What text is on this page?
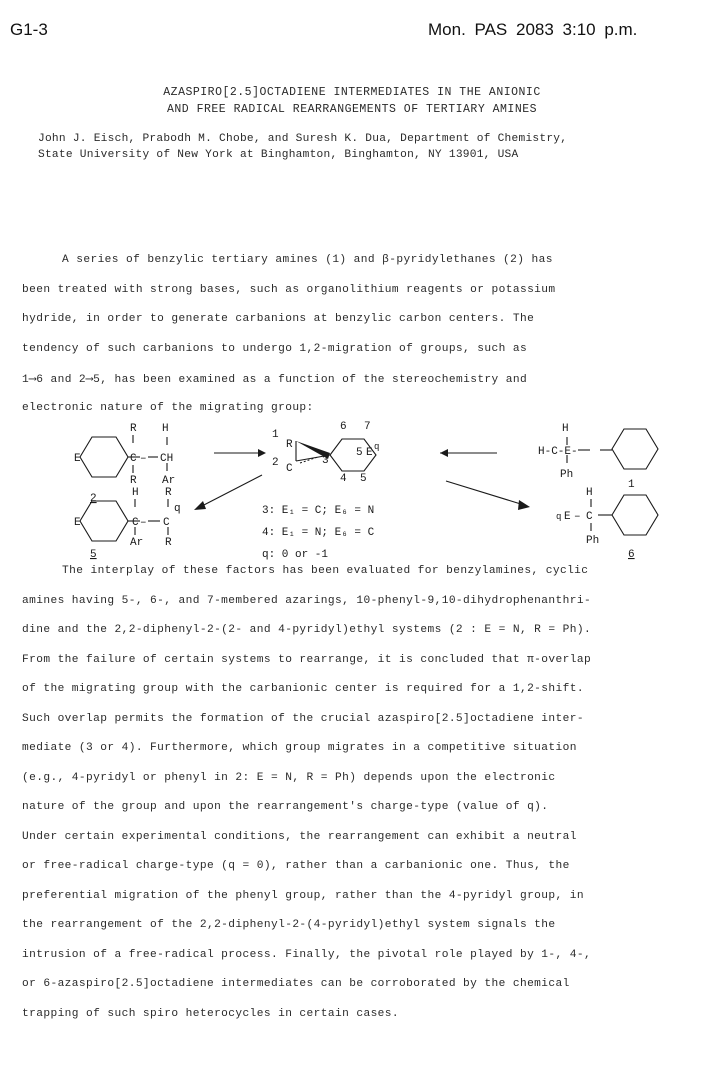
G1-3	Mon. PAS 2083 3:10 p.m.
AZASPIRO[2.5]OCTADIENE INTERMEDIATES IN THE ANIONIC
AND FREE RADICAL REARRANGEMENTS OF TERTIARY AMINES
John J. Eisch, Prabodh M. Chobe, and Suresh K. Dua, Department of Chemistry,
State University of New York at Binghamton, Binghamton, NY 13901, USA
A series of benzylic tertiary amines (1) and β-pyridylethanes (2) has
been treated with strong bases, such as organolithium reagents or potassium
hydride, in order to generate carbanions at benzylic carbon centers. The
tendency of such carbanions to undergo 1,2-migration of groups, such as
1⟶6 and 2⟶5, has been examined as a function of the stereochemistry and
electronic nature of the migrating group:
E
R H
C – CH
R Ar
2
E
H R
C – C
q
Ar R
5
1
R
2 C
3
6 7
5 E q
4 5
3: E₁ = C; E₆ = N
4: E₁ = N; E₆ = C
q: 0 or -1
H
H-C-E-
Ph
1
H
q E – C
Ph
6
The interplay of these factors has been evaluated for benzylamines, cyclic
amines having 5-, 6-, and 7-membered azarings, 10-phenyl-9,10-dihydrophenanthri-
dine and the 2,2-diphenyl-2-(2- and 4-pyridyl)ethyl systems (2 : E = N, R = Ph).
From the failure of certain systems to rearrange, it is concluded that π-overlap
of the migrating group with the carbanionic center is required for a 1,2-shift.
Such overlap permits the formation of the crucial azaspiro[2.5]octadiene inter-
mediate (3 or 4). Furthermore, which group migrates in a competitive situation
(e.g., 4-pyridyl or phenyl in 2: E = N, R = Ph) depends upon the electronic
nature of the group and upon the rearrangement's charge-type (value of q).
Under certain experimental conditions, the rearrangement can exhibit a neutral
or free-radical charge-type (q = 0), rather than a carbanionic one. Thus, the
preferential migration of the phenyl group, rather than the 4-pyridyl group, in
the rearrangement of the 2,2-diphenyl-2-(4-pyridyl)ethyl system signals the
intrusion of a free-radical process. Finally, the pivotal role played by 1-, 4-,
or 6-azaspiro[2.5]octadiene intermediates can be corroborated by the chemical
trapping of such spiro heterocycles in certain cases.
